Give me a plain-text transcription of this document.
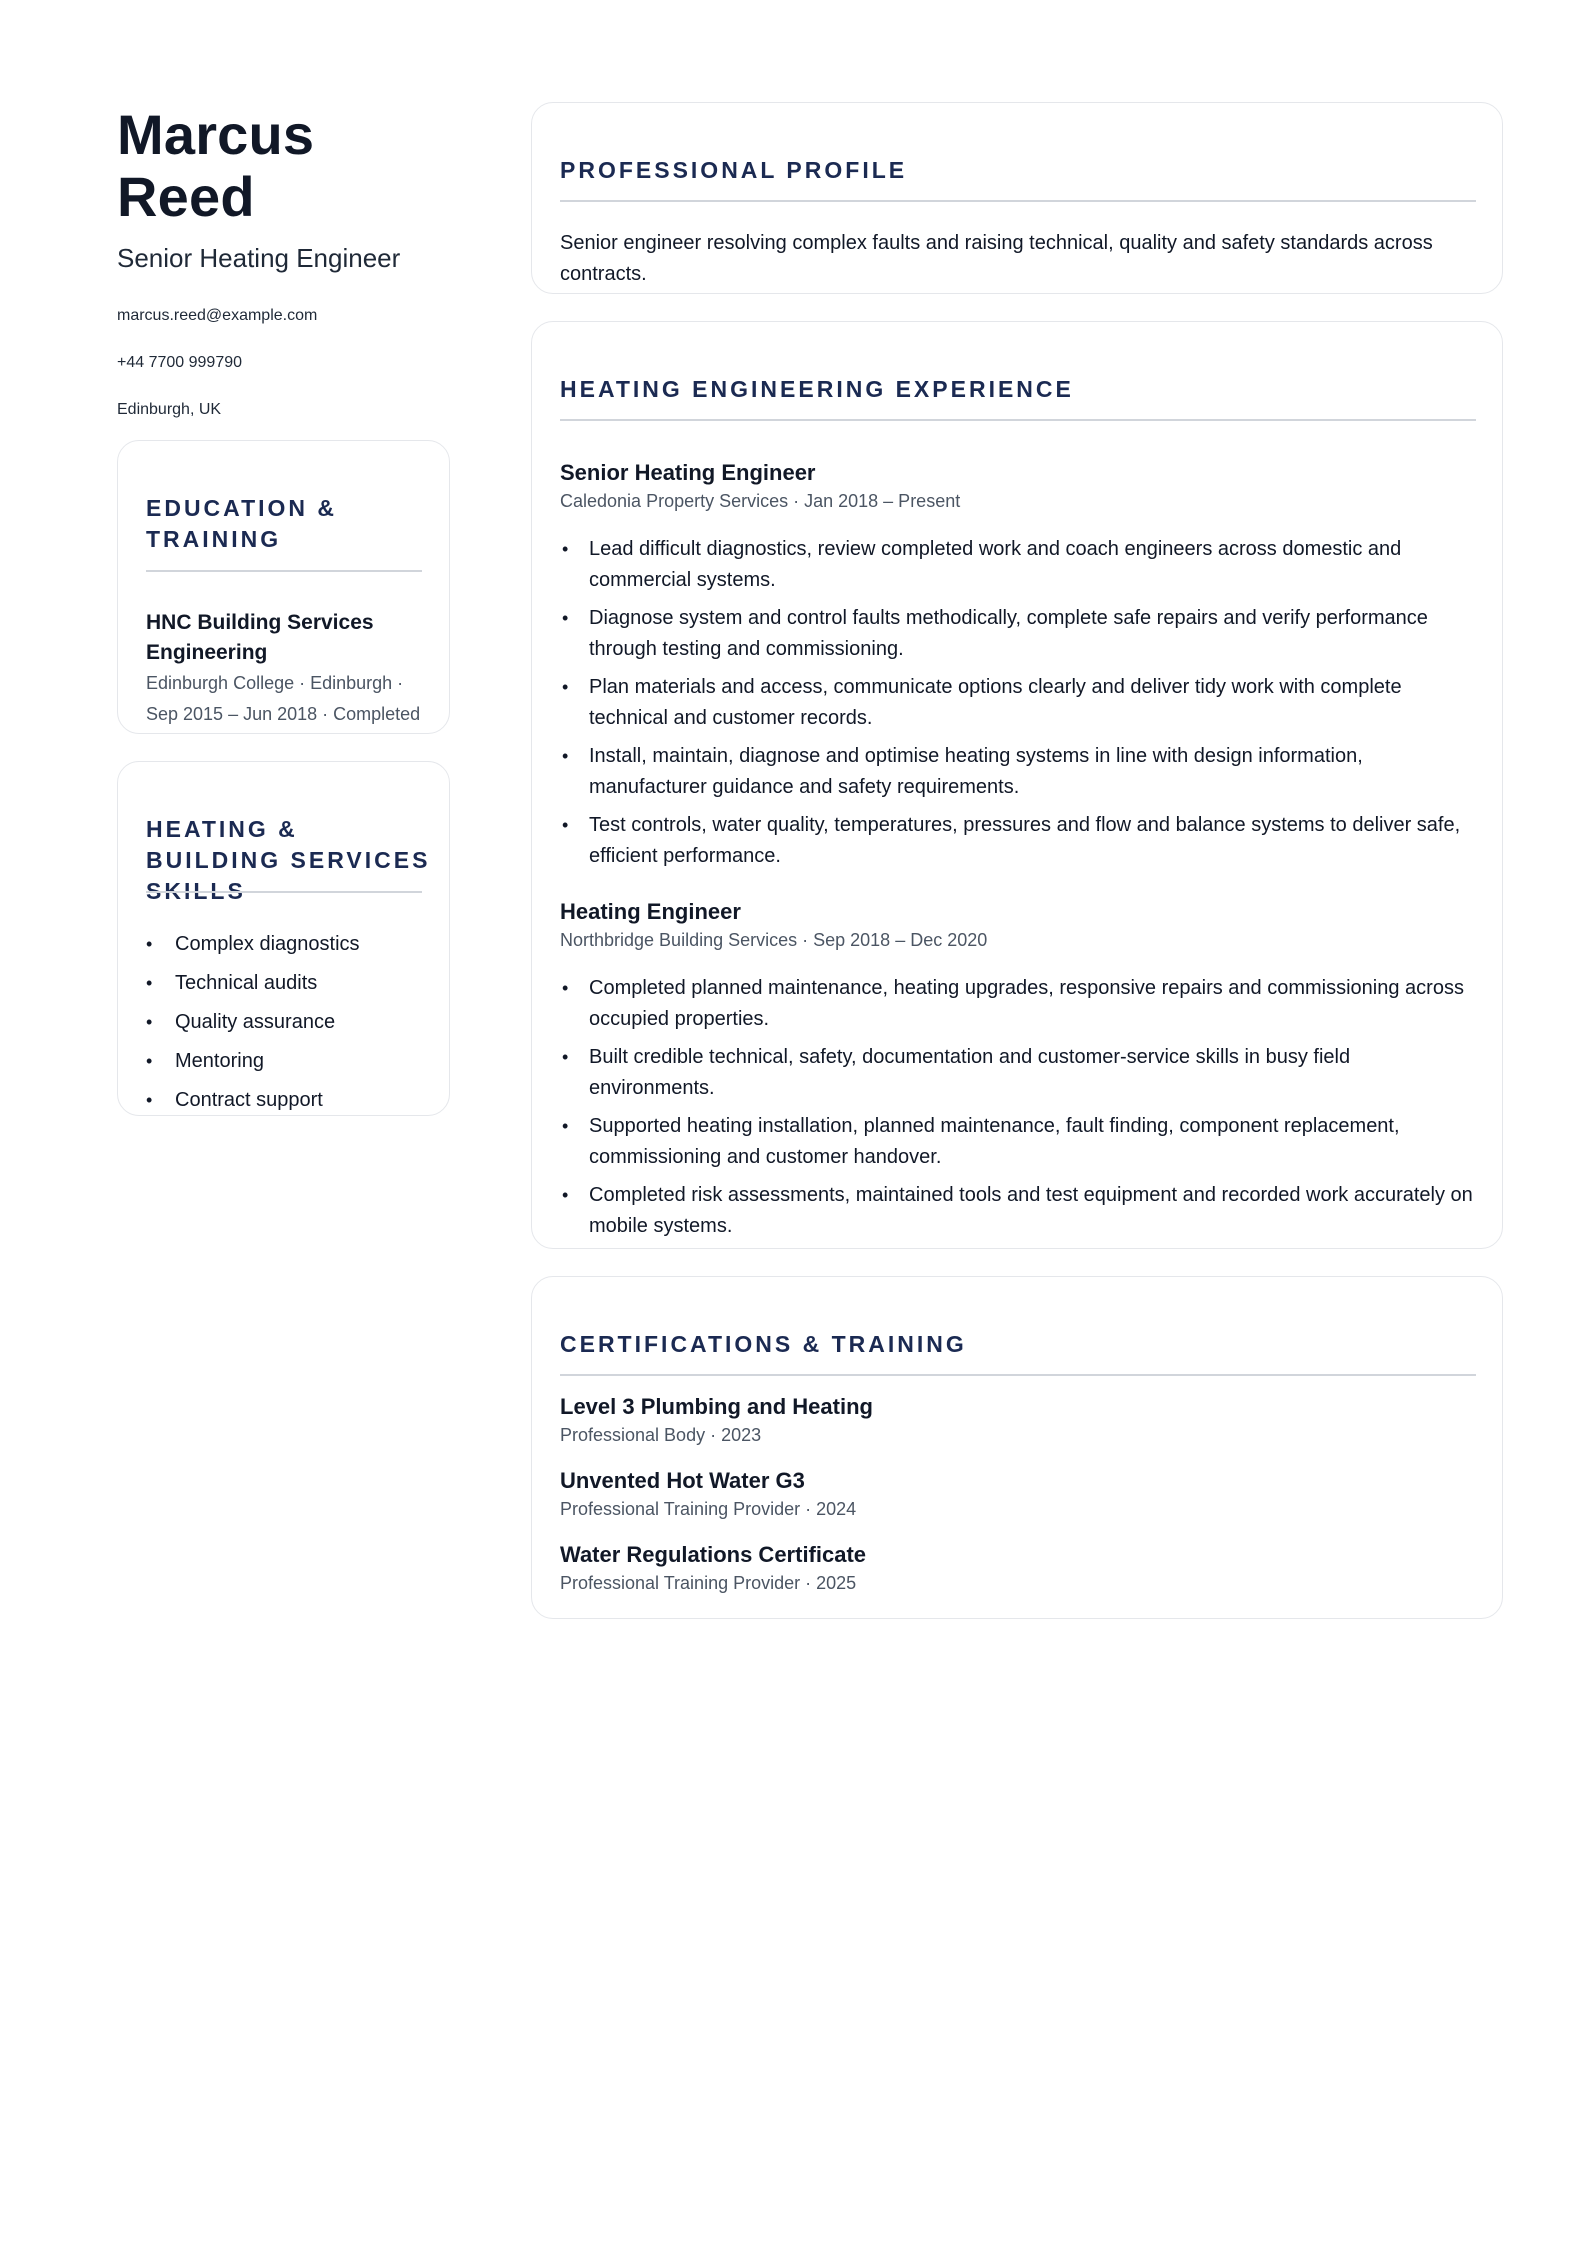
Marcus Reed
Senior Heating Engineer
marcus.reed@example.com
+44 7700 999790
Edinburgh, UK
EDUCATION & TRAINING
HNC Building Services Engineering
Edinburgh College · Edinburgh ·
Sep 2015 – Jun 2018 · Completed
HEATING & BUILDING SERVICES SKILLS
• Complex diagnostics
• Technical audits
• Quality assurance
• Mentoring
• Contract support
PROFESSIONAL PROFILE
Senior engineer resolving complex faults and raising technical, quality and safety standards across contracts.
HEATING ENGINEERING EXPERIENCE
Senior Heating Engineer
Caledonia Property Services · Jan 2018 – Present
• Lead difficult diagnostics, review completed work and coach engineers across domestic and commercial systems.
• Diagnose system and control faults methodically, complete safe repairs and verify performance through testing and commissioning.
• Plan materials and access, communicate options clearly and deliver tidy work with complete technical and customer records.
• Install, maintain, diagnose and optimise heating systems in line with design information, manufacturer guidance and safety requirements.
• Test controls, water quality, temperatures, pressures and flow and balance systems to deliver safe, efficient performance.
Heating Engineer
Northbridge Building Services · Sep 2018 – Dec 2020
• Completed planned maintenance, heating upgrades, responsive repairs and commissioning across occupied properties.
• Built credible technical, safety, documentation and customer-service skills in busy field environments.
• Supported heating installation, planned maintenance, fault finding, component replacement, commissioning and customer handover.
• Completed risk assessments, maintained tools and test equipment and recorded work accurately on mobile systems.
CERTIFICATIONS & TRAINING
Level 3 Plumbing and Heating
Professional Body · 2023
Unvented Hot Water G3
Professional Training Provider · 2024
Water Regulations Certificate
Professional Training Provider · 2025
